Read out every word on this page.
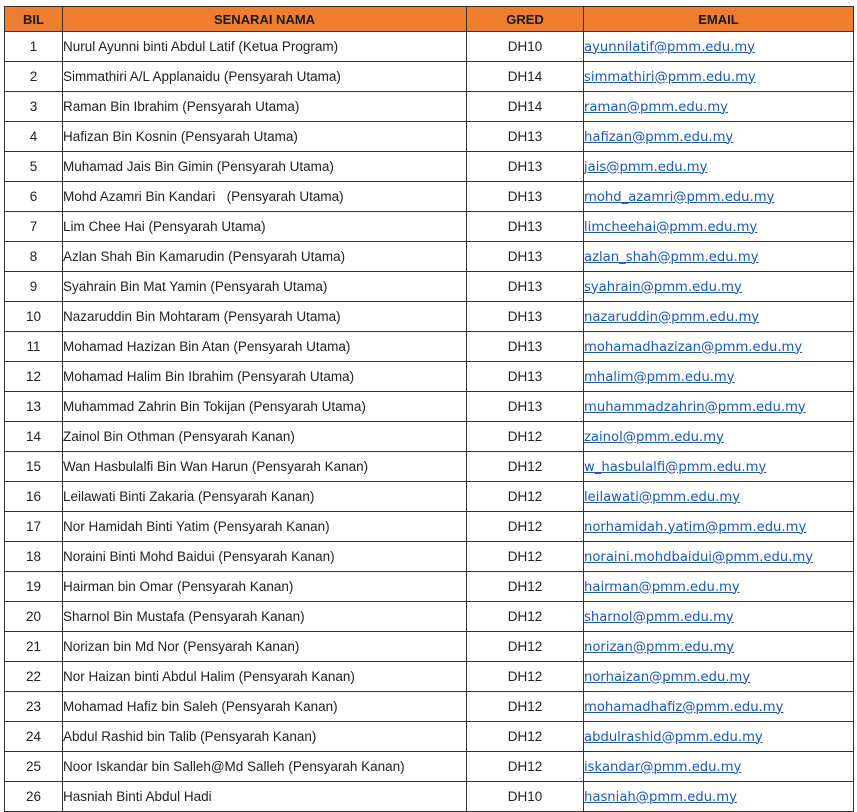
BIL	SENARAI NAMA	GRED	EMAIL
1	Nurul Ayunni binti Abdul Latif (Ketua Program)	DH10	ayunnilatif@pmm.edu.my
2	Simmathiri A/L Applanaidu (Pensyarah Utama)	DH14	simmathiri@pmm.edu.my
3	Raman Bin Ibrahim (Pensyarah Utama)	DH14	raman@pmm.edu.my
4	Hafizan Bin Kosnin (Pensyarah Utama)	DH13	hafizan@pmm.edu.my
5	Muhamad Jais Bin Gimin (Pensyarah Utama)	DH13	jais@pmm.edu.my
6	Mohd Azamri Bin Kandari   (Pensyarah Utama)	DH13	mohd_azamri@pmm.edu.my
7	Lim Chee Hai (Pensyarah Utama)	DH13	limcheehai@pmm.edu.my
8	Azlan Shah Bin Kamarudin (Pensyarah Utama)	DH13	azlan_shah@pmm.edu.my
9	Syahrain Bin Mat Yamin (Pensyarah Utama)	DH13	syahrain@pmm.edu.my
10	Nazaruddin Bin Mohtaram (Pensyarah Utama)	DH13	nazaruddin@pmm.edu.my
11	Mohamad Hazizan Bin Atan (Pensyarah Utama)	DH13	mohamadhazizan@pmm.edu.my
12	Mohamad Halim Bin Ibrahim (Pensyarah Utama)	DH13	mhalim@pmm.edu.my
13	Muhammad Zahrin Bin Tokijan (Pensyarah Utama)	DH13	muhammadzahrin@pmm.edu.my
14	Zainol Bin Othman (Pensyarah Kanan)	DH12	zainol@pmm.edu.my
15	Wan Hasbulalfi Bin Wan Harun (Pensyarah Kanan)	DH12	w_hasbulalfi@pmm.edu.my
16	Leilawati Binti Zakaria (Pensyarah Kanan)	DH12	leilawati@pmm.edu.my
17	Nor Hamidah Binti Yatim (Pensyarah Kanan)	DH12	norhamidah.yatim@pmm.edu.my
18	Noraini Binti Mohd Baidui (Pensyarah Kanan)	DH12	noraini.mohdbaidui@pmm.edu.my
19	Hairman bin Omar (Pensyarah Kanan)	DH12	hairman@pmm.edu.my
20	Sharnol Bin Mustafa (Pensyarah Kanan)	DH12	sharnol@pmm.edu.my
21	Norizan bin Md Nor (Pensyarah Kanan)	DH12	norizan@pmm.edu.my
22	Nor Haizan binti Abdul Halim (Pensyarah Kanan)	DH12	norhaizan@pmm.edu.my
23	Mohamad Hafiz bin Saleh (Pensyarah Kanan)	DH12	mohamadhafiz@pmm.edu.my
24	Abdul Rashid bin Talib (Pensyarah Kanan)	DH12	abdulrashid@pmm.edu.my
25	Noor Iskandar bin Salleh@Md Salleh (Pensyarah Kanan)	DH12	iskandar@pmm.edu.my
26	Hasniah Binti Abdul Hadi	DH10	hasniah@pmm.edu.my
